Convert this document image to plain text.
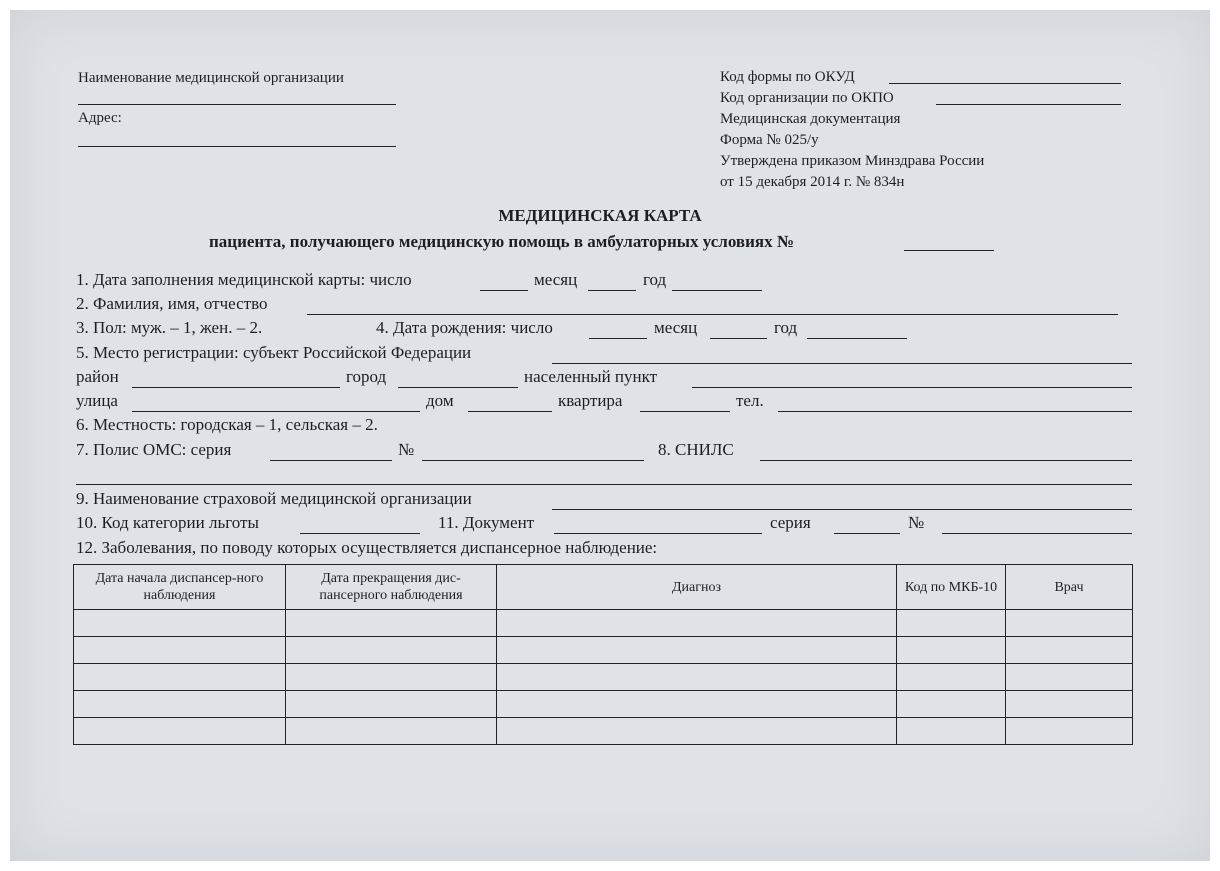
Наименование медицинской организации
Адрес:
Код формы по ОКУД
Код организации по ОКПО
Медицинская документация
Форма № 025/у
Утверждена приказом Минздрава России
от 15 декабря 2014 г. № 834н
МЕДИЦИНСКАЯ КАРТА
пациента, получающего медицинскую помощь в амбулаторных условиях №
1. Дата заполнения медицинской карты: число	месяц	год
2. Фамилия, имя, отчество
3. Пол: муж. – 1, жен. – 2.	4. Дата рождения: число	месяц	год
5. Место регистрации: субъект Российской Федерации
район	город	населенный пункт
улица	дом	квартира	тел.
6. Местность: городская – 1, сельская – 2.
7. Полис ОМС: серия	№	8. СНИЛС
9. Наименование страховой медицинской организации
10. Код категории льготы	11. Документ	серия	№
12. Заболевания, по поводу которых осуществляется диспансерное наблюдение:
Дата начала диспансер-ного наблюдения	Дата прекращения дис-пансерного наблюдения	Диагноз	Код по МКБ-10	Врач
